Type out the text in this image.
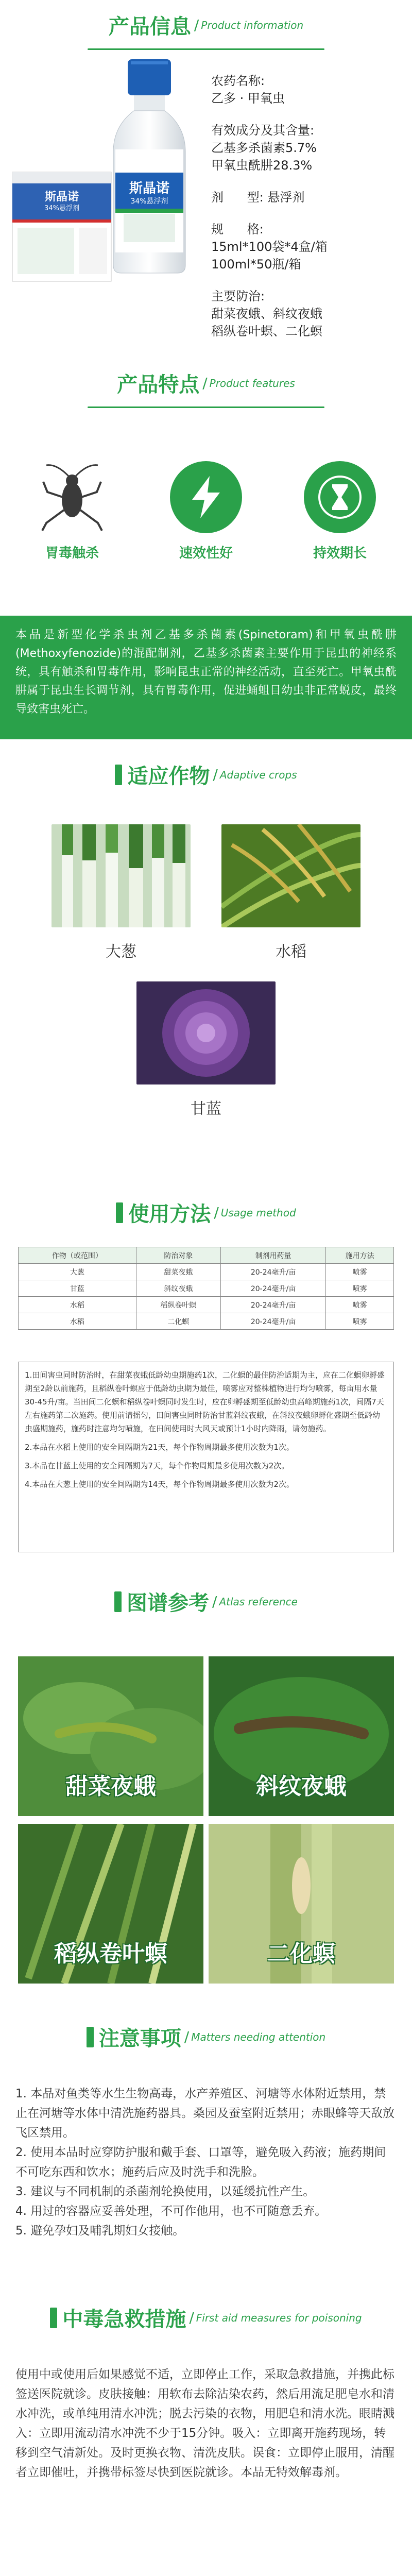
产品信息 / Product information
斯晶诺
34%悬浮剂
斯晶诺
34%悬浮剂
农药名称:
乙多 · 甲氧虫
有效成分及其含量:
乙基多杀菌素5.7%
甲氧虫酰肼28.3%
剂      型: 悬浮剂
规      格:
15ml*100袋*4盒/箱
100ml*50瓶/箱
主要防治:
甜菜夜蛾、斜纹夜蛾
稻纵卷叶螟、二化螟
产品特点 / Product features
胃毒触杀	速效性好	持效期长
本品是新型化学杀虫剂乙基多杀菌素(Spinetoram)和甲氧虫酰肼(Methoxyfenozide)的混配制剂，乙基多杀菌素主要作用于昆虫的神经系统，具有触杀和胃毒作用，影响昆虫正常的神经活动，直至死亡。甲氧虫酰肼属于昆虫生长调节剂，具有胃毒作用，促进蛹蛆目幼虫非正常蜕皮，最终导致害虫死亡。
适应作物 / Adaptive crops
大葱	水稻
甘蓝
使用方法 / Usage method
作物（或范围）	防治对象	制剂用药量	施用方法
大葱	甜菜夜蛾	20-24毫升/亩	喷雾
甘蓝	斜纹夜蛾	20-24毫升/亩	喷雾
水稻	稻纵卷叶螟	20-24毫升/亩	喷雾
水稻	二化螟	20-24毫升/亩	喷雾

1.田间害虫同时防治时，在甜菜夜蛾低龄幼虫期施药1次，二化螟的最佳防治适期为主，应在二化螟卵孵盛期至2龄以前施药，且稻纵卷叶螟应于低龄幼虫期为最佳，喷雾应对整株植物进行均匀喷雾，每亩用水量30-45升/亩。当田间二化螟和稻纵卷叶螟同时发生时，应在卵孵盛期至低龄幼虫高峰期施药1次，间隔7天左右施药第二次施药。使用前请摇匀，田间害虫同时防治甘蓝斜纹夜蛾，在斜纹夜蛾卵孵化盛期至低龄幼虫盛期施药，施药时注意均匀喷施，在田间使用时大风天或预计1小时内降雨，请勿施药。

2.本品在水稻上使用的安全间隔期为21天，每个作物周期最多使用次数为1次。

3.本品在甘蓝上使用的安全间隔期为7天，每个作物周期最多使用次数为2次。

4.本品在大葱上使用的安全间隔期为14天，每个作物周期最多使用次数为2次。

图谱参考 / Atlas reference
甜菜夜蛾	斜纹夜蛾
稻纵卷叶螟	二化螟
注意事项 / Matters needing attention
1. 本品对鱼类等水生生物高毒，水产养殖区、河塘等水体附近禁用，禁止在河塘等水体中清洗施药器具。桑园及蚕室附近禁用；赤眼蜂等天敌放飞区禁用。
2. 使用本品时应穿防护服和戴手套、口罩等，避免吸入药液；施药期间不可吃东西和饮水；施药后应及时洗手和洗脸。
3. 建议与不同机制的杀菌剂轮换使用，以延缓抗性产生。
4. 用过的容器应妥善处理，不可作他用，也不可随意丢弃。
5. 避免孕妇及哺乳期妇女接触。
中毒急救措施 / First aid measures for poisoning
使用中或使用后如果感觉不适，立即停止工作，采取急救措施，并携此标签送医院就诊。皮肤接触：用软布去除沾染农药，然后用流足肥皂水和清水冲洗，或单纯用清水冲洗；脱去污染的衣物，用肥皂和清水洗。眼睛溅入：立即用流动清水冲洗不少于15分钟。吸入：立即离开施药现场，转移到空气清新处。及时更换衣物、清洗皮肤。误食：立即停止服用，清醒者立即催吐，并携带标签尽快到医院就诊。本品无特效解毒剂。
